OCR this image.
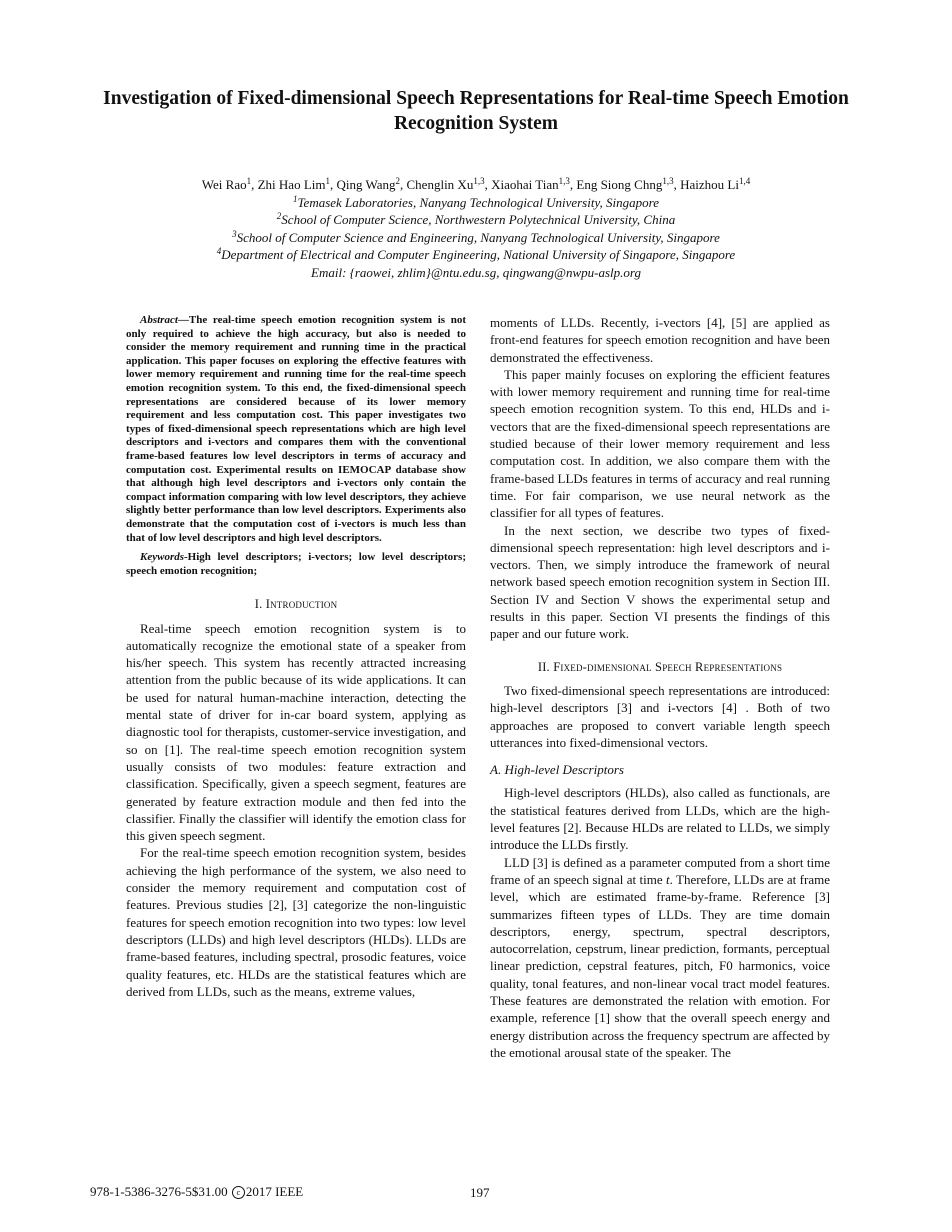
Investigation of Fixed-dimensional Speech Representations for Real-time Speech Emotion Recognition System

Wei Rao$^1$, Zhi Hao Lim$^1$, Qing Wang$^2$, Chenglin Xu$^{1,3}$, Xiaohai Tian$^{1,3}$, Eng Siong Chng$^{1,3}$, Haizhou Li$^{1,4}$

$^1$Temasek Laboratories, Nanyang Technological University, Singapore

$^2$School of Computer Science, Northwestern Polytechnical University, China

$^3$School of Computer Science and Engineering, Nanyang Technological University, Singapore

$^4$Department of Electrical and Computer Engineering, National University of Singapore, Singapore

Email: {raowei, zhlim}@ntu.edu.sg, qingwang@nwpu-aslp.org

Abstract—The real-time speech emotion recognition system is not only required to achieve the high accuracy, but also is needed to consider the memory requirement and running time in the practical application. This paper focuses on exploring the effective features with lower memory requirement and running time for the real-time speech emotion recognition system. To this end, the fixed-dimensional speech representations are considered because of its lower memory requirement and less computation cost. This paper investigates two types of fixed-dimensional speech representations which are high level descriptors and i-vectors and compares them with the conventional frame-based features low level descriptors in terms of accuracy and computation cost. Experimental results on IEMOCAP database show that although high level descriptors and i-vectors only contain the compact information comparing with low level descriptors, they achieve slightly better performance than low level descriptors. Experiments also demonstrate that the computation cost of i-vectors is much less than that of low level descriptors and high level descriptors.

Keywords-High level descriptors; i-vectors; low level descriptors; speech emotion recognition;

I. Introduction

Real-time speech emotion recognition system is to automatically recognize the emotional state of a speaker from his/her speech. This system has recently attracted increasing attention from the public because of its wide applications. It can be used for natural human-machine interaction, detecting the mental state of driver for in-car board system, applying as diagnostic tool for therapists, customer-service investigation, and so on [1]. The real-time speech emotion recognition system usually consists of two modules: feature extraction and classification. Specifically, given a speech segment, features are generated by feature extraction module and then fed into the classifier. Finally the classifier will identify the emotion class for this given speech segment.

For the real-time speech emotion recognition system, besides achieving the high performance of the system, we also need to consider the memory requirement and computation cost of features. Previous studies [2], [3] categorize the non-linguistic features for speech emotion recognition into two types: low level descriptors (LLDs) and high level descriptors (HLDs). LLDs are frame-based features, including spectral, prosodic features, voice quality features, etc. HLDs are the statistical features which are derived from LLDs, such as the means, extreme values,

moments of LLDs. Recently, i-vectors [4], [5] are applied as front-end features for speech emotion recognition and have been demonstrated the effectiveness.

This paper mainly focuses on exploring the efficient features with lower memory requirement and running time for real-time speech emotion recognition system. To this end, HLDs and i-vectors that are the fixed-dimensional speech representations are studied because of their lower memory requirement and less computation cost. In addition, we also compare them with the frame-based LLDs features in terms of accuracy and real running time. For fair comparison, we use neural network as the classifier for all types of features.

In the next section, we describe two types of fixed-dimensional speech representation: high level descriptors and i-vectors. Then, we simply introduce the framework of neural network based speech emotion recognition system in Section III. Section IV and Section V shows the experimental setup and results in this paper. Section VI presents the findings of this paper and our future work.

II. Fixed-dimensional Speech Representations

Two fixed-dimensional speech representations are introduced: high-level descriptors [3] and i-vectors [4] . Both of two approaches are proposed to convert variable length speech utterances into fixed-dimensional vectors.

A. High-level Descriptors

High-level descriptors (HLDs), also called as functionals, are the statistical features derived from LLDs, which are the high-level features [2]. Because HLDs are related to LLDs, we simply introduce the LLDs firstly.

LLD [3] is defined as a parameter computed from a short time frame of an speech signal at time t. Therefore, LLDs are at frame level, which are estimated frame-by-frame. Reference [3] summarizes fifteen types of LLDs. They are time domain descriptors, energy, spectrum, spectral descriptors, autocorrelation, cepstrum, linear prediction, formants, perceptual linear prediction, cepstral features, pitch, F0 harmonics, voice quality, tonal features, and non-linear vocal tract model features. These features are demonstrated the relation with emotion. For example, reference [1] show that the overall speech energy and energy distribution across the frequency spectrum are affected by the emotional arousal state of the speaker. The

978-1-5386-3276-5$31.00 c 2017 IEEE	197
